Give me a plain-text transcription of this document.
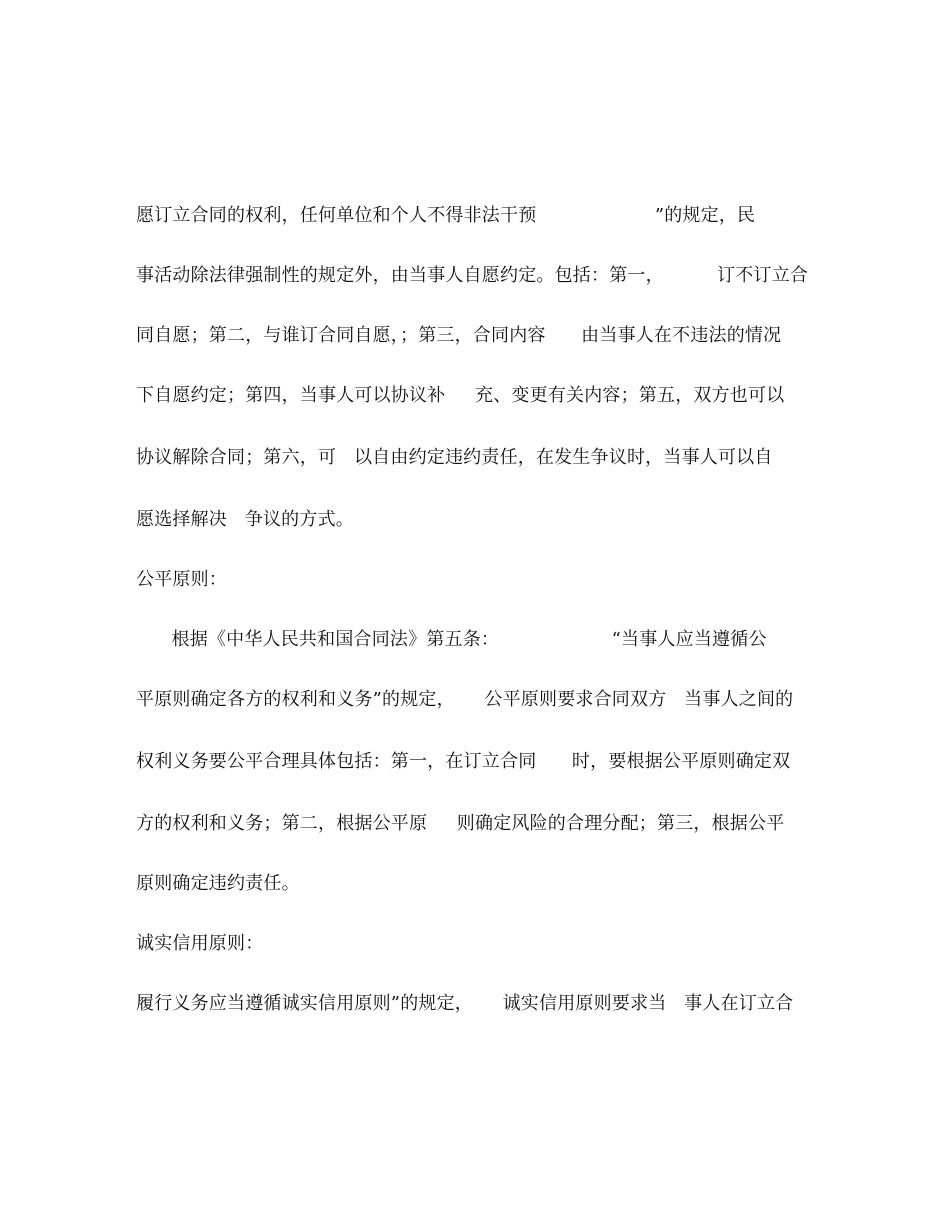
愿订立合同的权利，任何单位和个人不得非法干预                    ”的规定，民
事活动除法律强制性的规定外，由当事人自愿约定。包括：第一，         订不订立合
同自愿；第二，与谁订合同自愿，；第三，合同内容      由当事人在不违法的情况
下自愿约定；第四，当事人可以协议补     充、变更有关内容；第五，双方也可以
协议解除合同；第六，可   以自由约定违约责任，在发生争议时，当事人可以自
愿选择解决   争议的方式。
公平原则：
根据《中华人民共和国合同法》第五条：                   “当事人应当遵循公
平原则确定各方的权利和义务”的规定，     公平原则要求合同双方   当事人之间的
权利义务要公平合理具体包括：第一，在订立合同      时，要根据公平原则确定双
方的权利和义务；第二，根据公平原     则确定风险的合理分配；第三，根据公平
原则确定违约责任。
诚实信用原则：
履行义务应当遵循诚实信用原则”的规定，     诚实信用原则要求当   事人在订立合
